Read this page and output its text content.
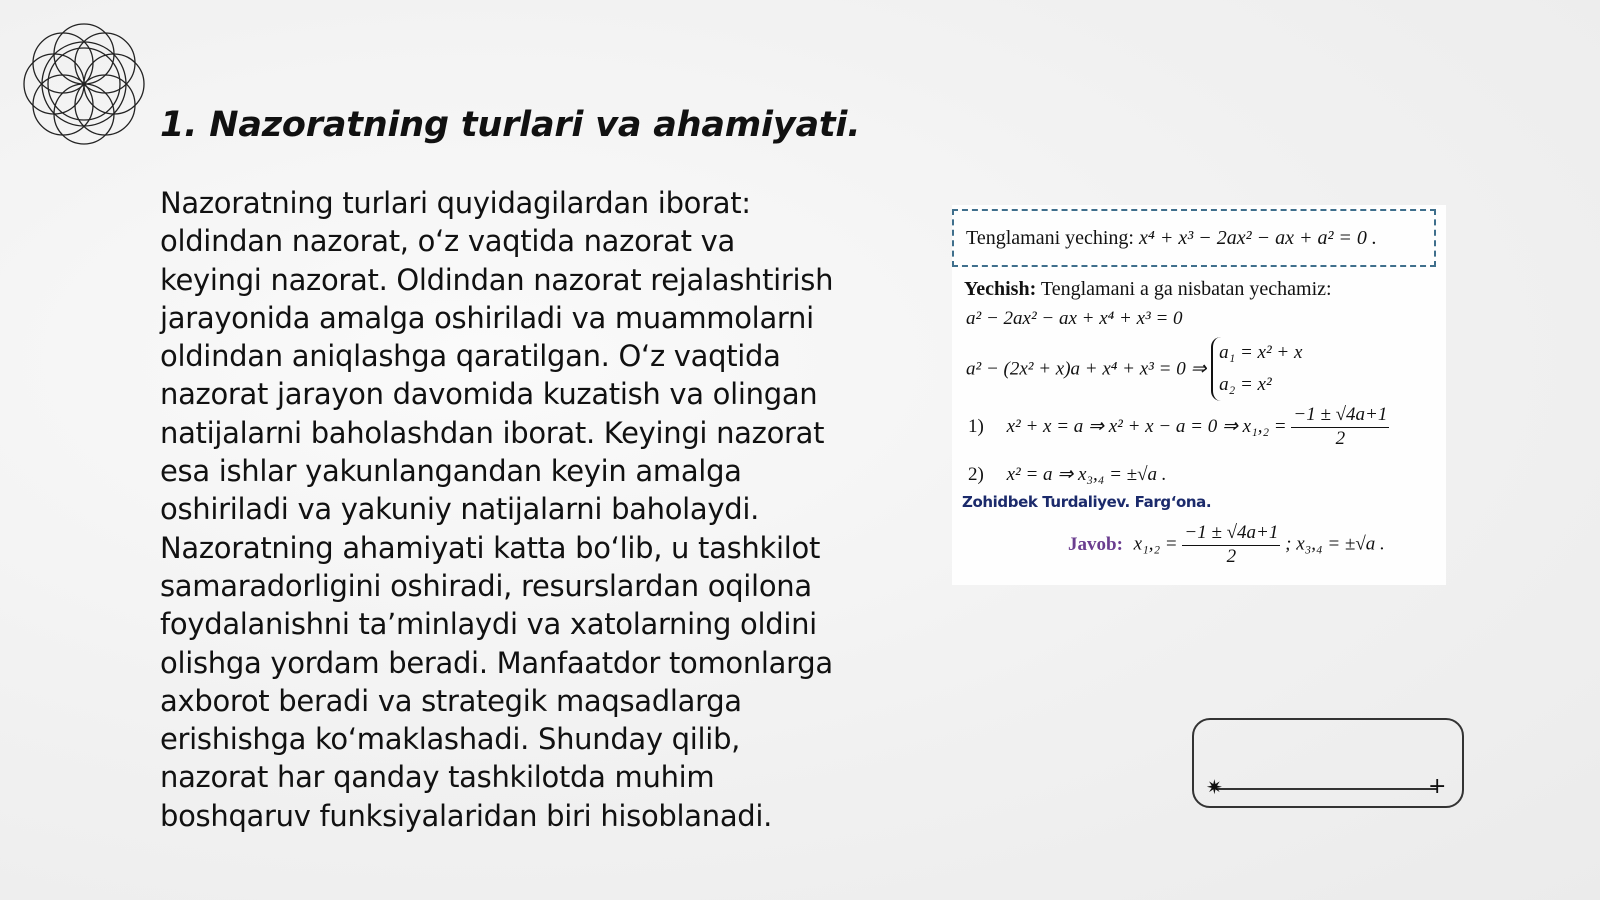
1. Nazoratning turlari va ahamiyati.

Nazoratning turlari quyidagilardan iborat: oldindan nazorat, o‘z vaqtida nazorat va keyingi nazorat. Oldindan nazorat rejalashtirish jarayonida amalga oshiriladi va muammolarni oldindan aniqlashga qaratilgan. O‘z vaqtida nazorat jarayon davomida kuzatish va olingan natijalarni baholashdan iborat. Keyingi nazorat esa ishlar yakunlangandan keyin amalga oshiriladi va yakuniy natijalarni baholaydi. Nazoratning ahamiyati katta bo‘lib, u tashkilot samaradorligini oshiradi, resurslardan oqilona foydalanishni ta’minlaydi va xatolarning oldini olishga yordam beradi. Manfaatdor tomonlarga axborot beradi va strategik maqsadlarga erishishga ko‘maklashadi. Shunday qilib, nazorat har qanday tashkilotda muhim boshqaruv funksiyalaridan biri hisoblanadi.

Tenglamani yeching: x⁴ + x³ − 2ax² − ax + a² = 0 .
Yechish: Tenglamani a ga nisbatan yechamiz:
a² − 2ax² − ax + x⁴ + x³ = 0
a² − (2x² + x)a + x⁴ + x³ = 0 ⇒
a₁ = x² + x
a₂ = x²
1) x² + x = a ⇒ x² + x − a = 0 ⇒ $x_1,_2 = \frac{-1 \pm √4a+1}{2}$
2) x² = a ⇒ x₃,₄ = ±√a .
Zohidbek Turdaliyev. Farg‘ona.
Javob: $x_1,_2 = \frac{-1 \pm √4a+1}{2}$ ; x₃,₄ = ±√a .
✷	+
